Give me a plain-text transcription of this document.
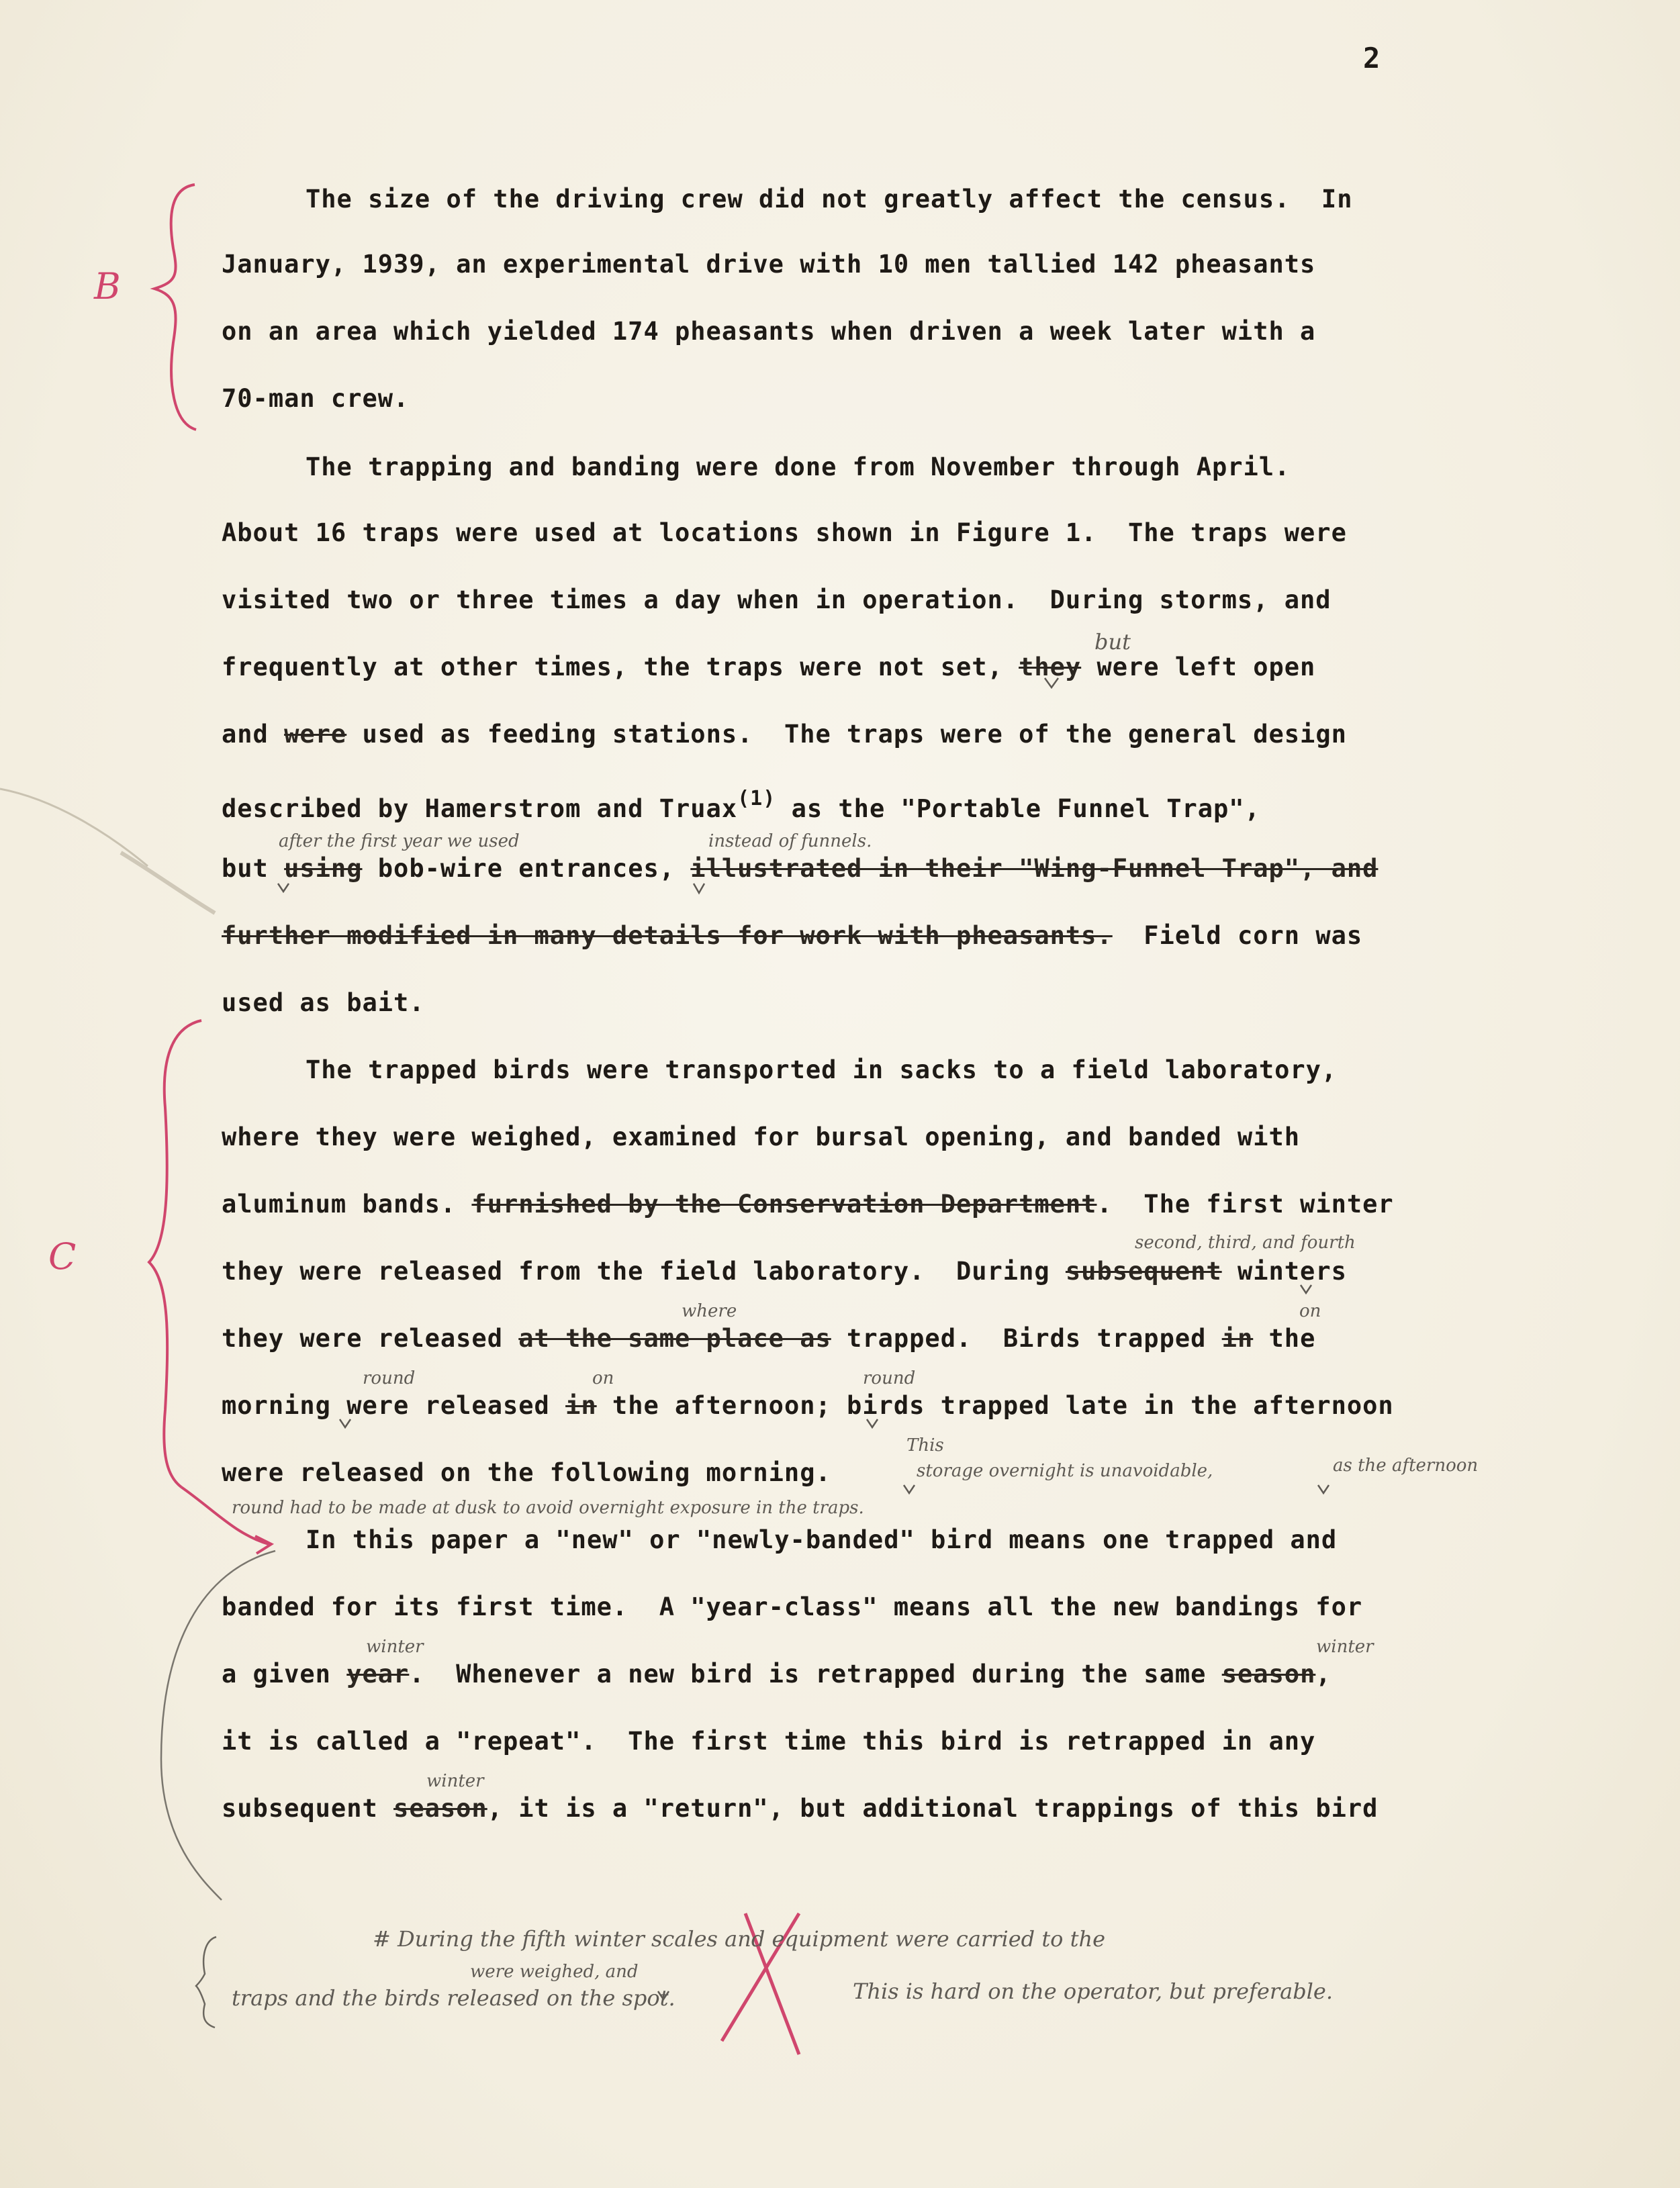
2
B
C
The size of the driving crew did not greatly affect the census.  In
January, 1939, an experimental drive with 10 men tallied 142 pheasants
on an area which yielded 174 pheasants when driven a week later with a
70-man crew.
The trapping and banding were done from November through April.
About 16 traps were used at locations shown in Figure 1.  The traps were
visited two or three times a day when in operation.  During storms, and
frequently at other times, the traps were not set, they were left open
but
and were used as feeding stations.  The traps were of the general design
described by Hamerstrom and Truax$^{(1)}$ as the "Portable Funnel Trap",
after the first year we used	instead of funnels.
but using bob-wire entrances, illustrated in their "Wing-Funnel Trap", and
further modified in many details for work with pheasants.  Field corn was
used as bait.
The trapped birds were transported in sacks to a field laboratory,
where they were weighed, examined for bursal opening, and banded with
aluminum bands. furnished by the Conservation Department.  The first winter
second, third, and fourth
they were released from the field laboratory.  During subsequent winters
where	on
they were released at the same place as trapped.  Birds trapped in the
round	on	round
morning were released in the afternoon; birds trapped late in the afternoon
This
were released on the following morning.	storage overnight is unavoidable,	as the afternoon
round had to be made at dusk to avoid overnight exposure in the traps.
In this paper a "new" or "newly-banded" bird means one trapped and
banded for its first time.  A "year-class" means all the new bandings for
winter	winter
a given year.  Whenever a new bird is retrapped during the same season,
it is called a "repeat".  The first time this bird is retrapped in any
winter
subsequent season, it is a "return", but additional trappings of this bird
# During the fifth winter scales and equipment were carried to the
were weighed, and
traps and the birds released on the spot.	This is hard on the operator, but preferable.
